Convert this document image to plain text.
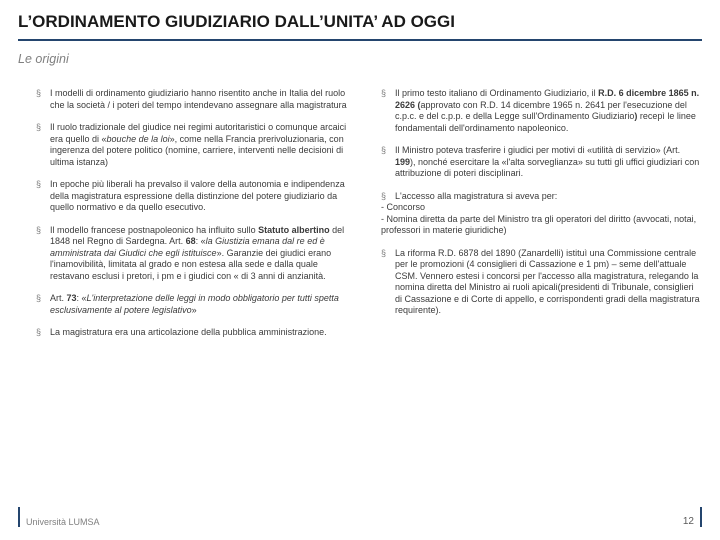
L’ORDINAMENTO GIUDIZIARIO DALL’UNITA’ AD OGGI
Le origini
§ I modelli di ordinamento giudiziario hanno risentito anche in Italia del ruolo che la società / i poteri del tempo intendevano assegnare alla magistratura
§ Il ruolo tradizionale del giudice nei regimi autoritaristici o comunque arcaici era quello di «bouche de la loi», come nella Francia prerivoluzionaria, con ingerenza del potere politico (nomine, carriere, interventi nelle decisioni di ultima istanza)
§ In epoche più liberali ha prevalso il valore della autonomia e indipendenza della magistratura espressione della distinzione del potere giudiziario da quello normativo e da quello esecutivo.
§ Il modello francese postnapoleonico ha influito sullo Statuto albertino del 1848 nel Regno di Sardegna. Art. 68: «la Giustizia emana dal re ed è amministrata dai Giudici che egli istituisce». Garanzie dei giudici erano l'inamovibilità, limitata al grado e non estesa alla sede e dalla quale restavano esclusi i pretori, i pm e i giudici con « di 3 anni di anzianità.
§ Art. 73: «L'interpretazione delle leggi in modo obbligatorio per tutti spetta esclusivamente al potere legislativo»
§ La magistratura era una articolazione della pubblica amministrazione.
§ Il primo testo italiano di Ordinamento Giudiziario, il R.D. 6 dicembre 1865 n. 2626 (approvato con R.D. 14 dicembre 1965 n. 2641 per l'esecuzione del c.p.c. e del c.p.p. e della Legge sull'Ordinamento Giudiziario) recepì le linee fondamentali dell'ordinamento napoleonico.
§ Il Ministro poteva trasferire i giudici per motivi di «utilità di servizio» (Art. 199), nonché esercitare la «l'alta sorveglianza» su tutti gli uffici giudiziari con attribuzione di poteri disciplinari.
§ L'accesso alla magistratura si aveva per:
- Concorso
- Nomina diretta da parte del Ministro tra gli operatori del diritto (avvocati, notai, professori in materie giuridiche)
§ La riforma R.D. 6878 del 1890 (Zanardelli) istituì una Commissione centrale per le promozioni (4 consiglieri di Cassazione e 1 pm) – seme dell'attuale CSM. Vennero estesi i concorsi per l'accesso alla magistratura, relegando la nomina diretta del Ministro ai ruoli apicali(presidenti di Tribunale, consiglieri di Cassazione e di Corte di appello, e corrispondenti gradi della magistratura requirente).
Università LUMSA	12
